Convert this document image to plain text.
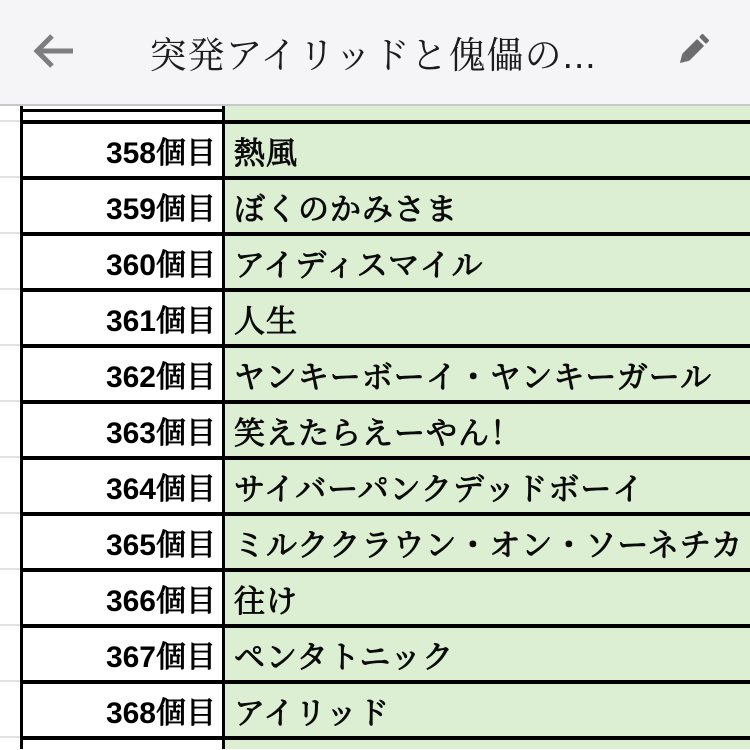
突発アイリッドと傀儡の...
358個目 熱風
359個目 ぼくのかみさま
360個目 アイディスマイル
361個目 人生
362個目 ヤンキーボーイ・ヤンキーガール
363個目 笑えたらえーやん！
364個目 サイバーパンクデッドボーイ
365個目 ミルククラウン・オン・ソーネチカ
366個目 往け
367個目 ペンタトニック
368個目 アイリッド
